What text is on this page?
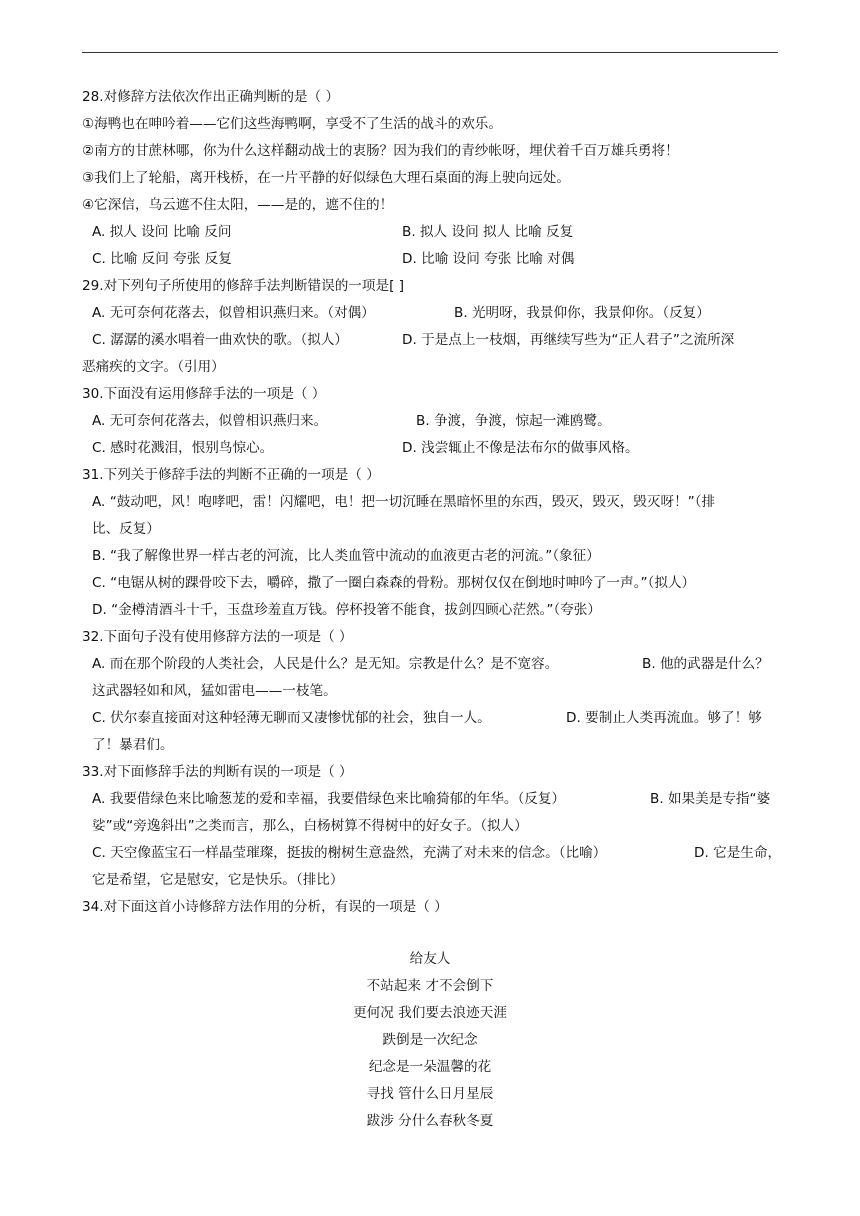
28.对修辞方法依次作出正确判断的是（ ）
①海鸭也在呻吟着——它们这些海鸭啊，享受不了生活的战斗的欢乐。
②南方的甘蔗林哪，你为什么这样翻动战士的衷肠？因为我们的青纱帐呀，埋伏着千百万雄兵勇将！
③我们上了轮船，离开栈桥，在一片平静的好似绿色大理石桌面的海上驶向远处。
④它深信，乌云遮不住太阳，——是的，遮不住的！
A. 拟人 设问 比喻 反问	B. 拟人 设问 拟人 比喻 反复
C. 比喻 反问 夸张 反复	D. 比喻 设问 夸张 比喻 对偶
29.对下列句子所使用的修辞手法判断错误的一项是[ ]
A. 无可奈何花落去，似曾相识燕归来。（对偶）	B. 光明呀，我景仰你，我景仰你。（反复）
C. 潺潺的溪水唱着一曲欢快的歌。（拟人）	D. 于是点上一枝烟，再继续写些为“正人君子”之流所深
恶痛疾的文字。（引用）
30.下面没有运用修辞手法的一项是（ ）
A. 无可奈何花落去，似曾相识燕归来。	B. 争渡，争渡，惊起一滩鸥鹭。
C. 感时花溅泪，恨别鸟惊心。	D. 浅尝辄止不像是法布尔的做事风格。
31.下列关于修辞手法的判断不正确的一项是（ ）
A. “鼓动吧，风！咆哮吧，雷！闪耀吧，电！把一切沉睡在黑暗怀里的东西，毁灭，毁灭，毁灭呀！”（排
比、反复）
B. “我了解像世界一样古老的河流，比人类血管中流动的血液更古老的河流。”（象征）
C. “电锯从树的踝骨咬下去，嚼碎，撒了一圈白森森的骨粉。那树仅仅在倒地时呻吟了一声。”（拟人）
D. “金樽清酒斗十千，玉盘珍羞直万钱。停杯投箸不能食，拔剑四顾心茫然。”（夸张）
32.下面句子没有使用修辞方法的一项是（ ）
A. 而在那个阶段的人类社会，人民是什么？是无知。宗教是什么？是不宽容。	B. 他的武器是什么？
这武器轻如和风，猛如雷电——一枝笔。
C. 伏尔泰直接面对这种轻薄无聊而又凄惨忧郁的社会，独自一人。	D. 要制止人类再流血。够了！够
了！暴君们。
33.对下面修辞手法的判断有误的一项是（ ）
A. 我要借绿色来比喻葱茏的爱和幸福，我要借绿色来比喻猗郁的年华。（反复）	B. 如果美是专指“婆
娑”或“旁逸斜出”之类而言，那么，白杨树算不得树中的好女子。（拟人）
C. 天空像蓝宝石一样晶莹璀璨，挺拔的榭树生意盎然，充满了对未来的信念。（比喻）	D. 它是生命，
它是希望，它是慰安，它是快乐。（排比）
34.对下面这首小诗修辞方法作用的分析，有误的一项是（ ）
给友人
不站起来 才不会倒下
更何况 我们要去浪迹天涯
跌倒是一次纪念
纪念是一朵温馨的花
寻找 管什么日月星辰
跋涉 分什么春秋冬夏
